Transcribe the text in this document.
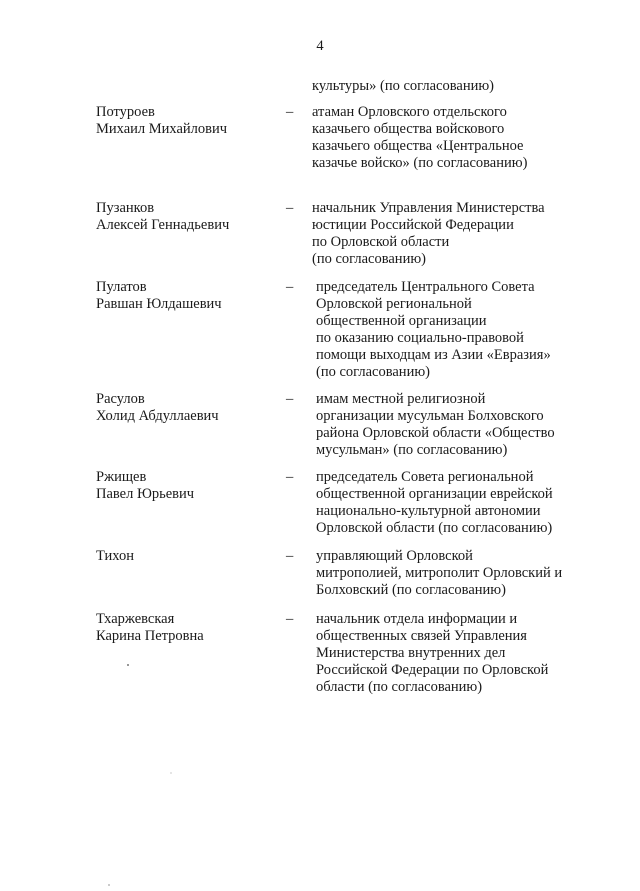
4
культуры» (по согласованию)
Потуроев
Михаил Михайлович
–	атаман Орловского отдельского
казачьего общества войскового
казачьего общества «Центральное
казачье войско» (по согласованию)
Пузанков
Алексей Геннадьевич
–	начальник Управления Министерства
юстиции Российской Федерации
по Орловской области
(по согласованию)
Пулатов
Равшан Юлдашевич
–	председатель Центрального Совета
Орловской региональной
общественной организации
по оказанию социально-правовой
помощи выходцам из Азии «Евразия»
(по согласованию)
Расулов
Холид Абдуллаевич
–	имам местной религиозной
организации мусульман Болховского
района Орловской области «Общество
мусульман» (по согласованию)
Ржищев
Павел Юрьевич
–	председатель Совета региональной
общественной организации еврейской
национально-культурной автономии
Орловской области (по согласованию)
Тихон	–	управляющий Орловской
митрополией, митрополит Орловский и
Болховский (по согласованию)
Тхаржевская
Карина Петровна
–	начальник отдела информации и
общественных связей Управления
Министерства внутренних дел
Российской Федерации по Орловской
области (по согласованию)
